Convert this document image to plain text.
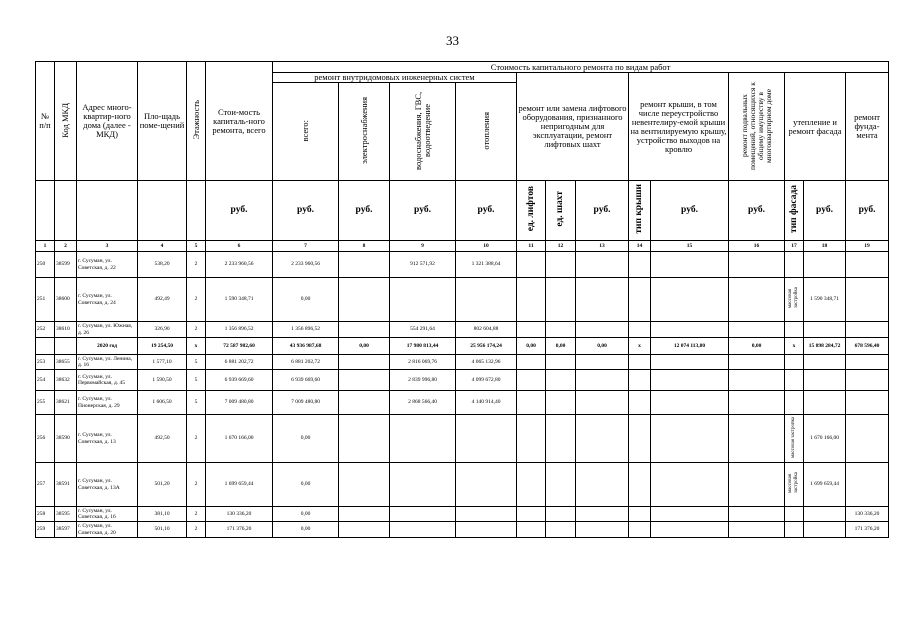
33
№ п/п	Код МКД	Адрес много-квартир-ного дома (далее - МКД)	Пло-щадь поме-щений	Этажность	Стои-мость капиталь-ного ремонта, всего	Стоимость капитального ремонта по видам работ												
						ремонт внутридомовых инженерных систем				ремонт или замена лифтового оборудования, признанного непригодным для эксплуатации, ремонт лифтовых шахт			ремонт крыши, в том числе переустройство невентелиру-емой крыши на вентилируемую крышу, устройство выходов на кровлю		ремонт подвальных помещений, относящихся к общему имуществу в многоквартирном доме	утепление и ремонт фасада		ремонт фунда-мента
						всего:	электроснабжения	водоснабжения, ГВС, водоотведение	отопления									
					руб.	руб.	руб.	руб.	руб.	ед. лифтов	ед. шахт	руб.	тип крыши	руб.	руб.	тип фасада	руб.	руб.
1	2	3	4	5	6	7	8	9	10	11	12	13	14	15	16	17	18	19
250	38599	г. Сусуман, ул. Советская, д. 22	538,20	2	2 233 960,56	2 233 960,56		912 571,92	1 321 388,64									
251	38600	г. Сусуман, ул. Советская, д. 24	492,49	2	1 590 348,71	0,00										массовая застройка	1 590 348,71	
252	38610	г. Сусуман, ул. Южная, д. 26	326,90	2	1 356 896,52	1 356 896,52		554 291,64	802 604,88									
		2020 год	19 254,50	x	72 587 982,60	43 936 987,68	0,00	17 980 813,44	25 956 174,24	0,00	0,00	0,00	x	12 074 113,80	0,00	x	15 898 284,72	678 596,40
253	38655	г. Сусуман, ул. Ленина, д. 16	1 577,10	5	6 881 202,72	6 881 202,72		2 816 069,76	4 065 132,96									
254	38632	г. Сусуман, ул. Первомайская, д. 45	1 590,50	5	6 939 669,60	6 939 669,60		2 839 996,80	4 099 672,80									
255	38621	г. Сусуман, ул. Пионерская, д. 29	1 606,50	5	7 009 480,80	7 009 480,80		2 868 566,40	4 140 914,40									
256	38590	г. Сусуман, ул. Советская, д. 13	492,50	2	1 670 166,00	0,00										массовая застройка	1 670 166,00	
257	38591	г. Сусуман, ул. Советская, д. 13А	501,20	2	1 699 659,44	0,00										массовая застройка	1 699 659,44	
258	38595	г. Сусуман, ул. Советская, д. 16	381,10	2	130 336,20	0,00												130 336,20
259	38597	г. Сусуман, ул. Советская, д. 20	501,10	2	171 376,20	0,00												171 376,20
